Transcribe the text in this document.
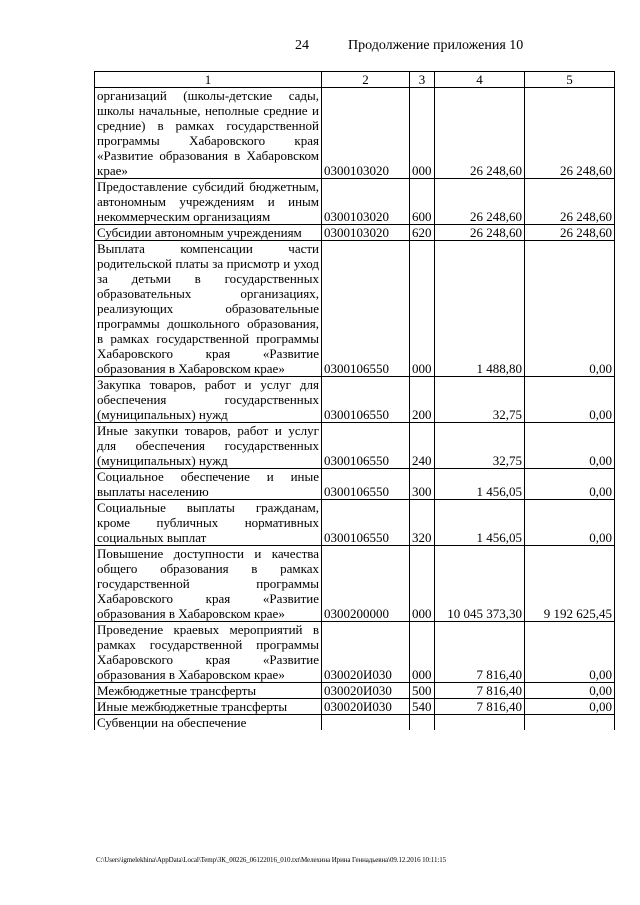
24	Продолжение приложения 10
1	2	3	4	5
организаций (школы-детские сады, школы начальные, неполные средние и средние) в рамках государственной программы Хабаровского края «Развитие образования в Хабаровском крае»	0300103020	000	26 248,60	26 248,60
Предоставление субсидий бюджетным, автономным учреждениям и иным некоммерческим организациям	0300103020	600	26 248,60	26 248,60
Субсидии автономным учреждениям	0300103020	620	26 248,60	26 248,60
Выплата компенсации части родительской платы за присмотр и уход за детьми в государственных образовательных организациях, реализующих образовательные программы дошкольного образования, в рамках государственной программы Хабаровского края «Развитие образования в Хабаровском крае»	0300106550	000	1 488,80	0,00
Закупка товаров, работ и услуг для обеспечения государственных (муниципальных) нужд	0300106550	200	32,75	0,00
Иные закупки товаров, работ и услуг для обеспечения государственных (муниципальных) нужд	0300106550	240	32,75	0,00
Социальное обеспечение и иные выплаты населению	0300106550	300	1 456,05	0,00
Социальные выплаты гражданам, кроме публичных нормативных социальных выплат	0300106550	320	1 456,05	0,00
Повышение доступности и качества общего образования в рамках государственной программы Хабаровского края «Развитие образования в Хабаровском крае»	0300200000	000	10 045 373,30	9 192 625,45
Проведение краевых мероприятий в рамках государственной программы Хабаровского края «Развитие образования в Хабаровском крае»	030020И030	000	7 816,40	0,00
Межбюджетные трансферты	030020И030	500	7 816,40	0,00
Иные межбюджетные трансферты	030020И030	540	7 816,40	0,00
Субвенции на обеспечение				
C:\Users\igmelekhina\AppData\Local\Temp\ЗК_00226_06122016_010.txt\Мелехина Ирина Геннадьевна\09.12.2016 10:11:15
